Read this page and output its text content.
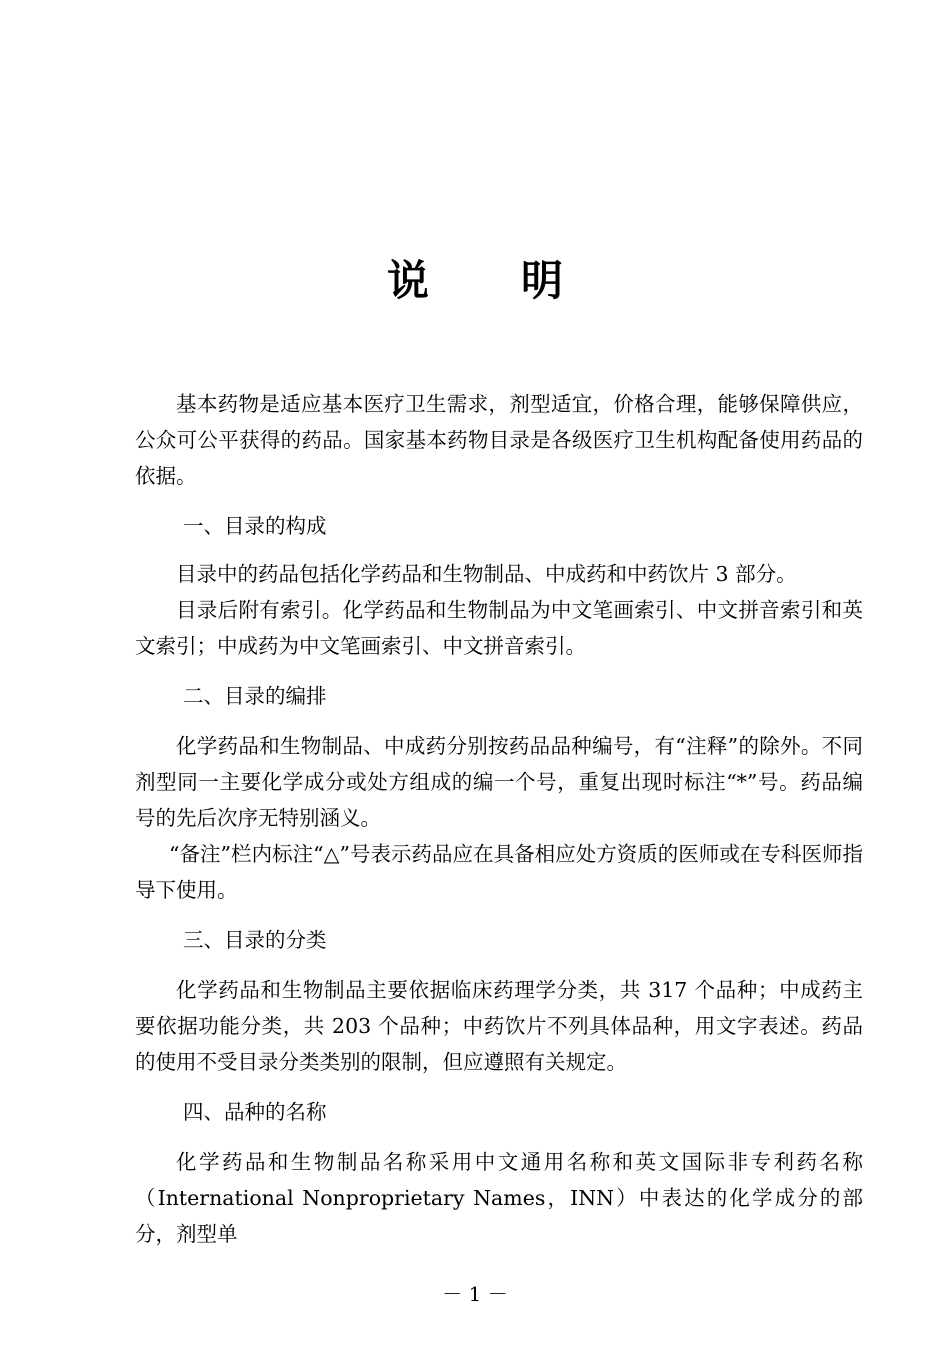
说 明

基本药物是适应基本医疗卫生需求，剂型适宜，价格合理，能够保障供应，公众可公平获得的药品。国家基本药物目录是各级医疗卫生机构配备使用药品的依据。

一、目录的构成

目录中的药品包括化学药品和生物制品、中成药和中药饮片 3 部分。

目录后附有索引。化学药品和生物制品为中文笔画索引、中文拼音索引和英文索引；中成药为中文笔画索引、中文拼音索引。

二、目录的编排

化学药品和生物制品、中成药分别按药品品种编号，有“注释”的除外。不同剂型同一主要化学成分或处方组成的编一个号，重复出现时标注“*”号。药品编号的先后次序无特别涵义。

“备注”栏内标注“△”号表示药品应在具备相应处方资质的医师或在专科医师指导下使用。

三、目录的分类

化学药品和生物制品主要依据临床药理学分类，共 317 个品种；中成药主要依据功能分类，共 203 个品种；中药饮片不列具体品种，用文字表述。药品的使用不受目录分类类别的限制，但应遵照有关规定。

四、品种的名称

化学药品和生物制品名称采用中文通用名称和英文国际非专利药名称（International Nonproprietary Names，INN）中表达的化学成分的部分，剂型单

－ 1 －
